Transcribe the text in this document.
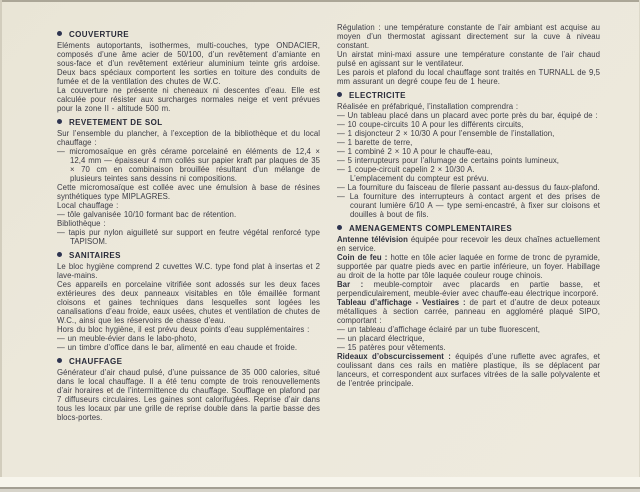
COUVERTURE

Eléments autoportants, isothermes, multi-couches, type ONDACIER, composés d’une âme acier de 50/100, d’un revêtement d’amiante en sous-face et d’un revêtement extérieur aluminium teinte gris ardoise. Deux bacs spéciaux comportent les sorties en toiture des conduits de fumée et de la ventilation des chutes de W.C.

La couverture ne présente ni cheneaux ni descentes d’eau. Elle est calculée pour résister aux surcharges normales neige et vent prévues pour la zone II - altitude 500 m.

REVETEMENT DE SOL

Sur l’ensemble du plancher, à l’exception de la bibliothèque et du local chauffage :

— micromosaïque en grès cérame porcelainé en éléments de 12,4 × 12,4 mm — épaisseur 4 mm collés sur papier kraft par plaques de 35 × 70 cm en combinaison brouillée résultant d’un mélange de plusieurs teintes sans dessins ni compositions.

Cette micromosaïque est collée avec une émulsion à base de résines synthétiques type MIPLAGRES.

Local chauffage :

— tôle galvanisée 10/10 formant bac de rétention.

Bibliothèque :

— tapis pur nylon aiguilleté sur support en feutre végétal renforcé type TAPISOM.

SANITAIRES

Le bloc hygiène comprend 2 cuvettes W.C. type fond plat à insertas et 2 lave-mains.

Ces appareils en porcelaine vitrifiée sont adossés sur les deux faces extérieures des deux panneaux visitables en tôle émaillée formant cloisons et gaines techniques dans lesquelles sont logées les canalisations d’eau froide, eaux usées, chutes et ventilation de chutes de W.C., ainsi que les réservoirs de chasse d’eau.

Hors du bloc hygiène, il est prévu deux points d’eau supplémentaires :

— un meuble-évier dans le labo-photo,

— un timbre d’office dans le bar, alimenté en eau chaude et froide.

CHAUFFAGE

Générateur d’air chaud pulsé, d’une puissance de 35 000 calories, situé dans le local chauffage. Il a été tenu compte de trois renouvellements d’air horaires et de l’intermittence du chauffage. Soufflage en plafond par 7 diffuseurs circulaires. Les gaines sont calorifugées. Reprise d’air dans tous les locaux par une grille de reprise double dans la partie basse des blocs-portes.

Régulation : une température constante de l’air ambiant est acquise au moyen d’un thermostat agissant directement sur la cuve à niveau constant.

Un airstat mini-maxi assure une température constante de l’air chaud pulsé en agissant sur le ventilateur.

Les parois et plafond du local chauffage sont traités en TURNALL de 9,5 mm assurant un degré coupe feu de 1 heure.

ELECTRICITE

Réalisée en préfabriqué, l’installation comprendra :

— Un tableau placé dans un placard avec porte près du bar, équipé de :

— 10 coupe-circuits 10 A pour les différents circuits,

— 1 disjoncteur 2 × 10/30 A pour l’ensemble de l’installation,

— 1 barette de terre,

— 1 combiné 2 × 10 A pour le chauffe-eau,

— 5 interrupteurs pour l’allumage de certains points lumineux,

— 1 coupe-circuit capelin 2 × 10/30 A.

L’emplacement du compteur est prévu.

— La fourniture du faisceau de filerie passant au-dessus du faux-plafond.

— La fourniture des interrupteurs à contact argent et des prises de courant lumière 6/10 A — type semi-encastré, à fixer sur cloisons et douilles à bout de fils.

AMENAGEMENTS COMPLEMENTAIRES

Antenne télévision équipée pour recevoir les deux chaînes actuellement en service.

Coin de feu : hotte en tôle acier laquée en forme de tronc de pyramide, supportée par quatre pieds avec en partie inférieure, un foyer. Habillage au droit de la hotte par tôle laquée couleur rouge chinois.

Bar : meuble-comptoir avec placards en partie basse, et perpendiculairement, meuble-évier avec chauffe-eau électrique incorporé.

Tableau d’affichage - Vestiaires : de part et d’autre de deux poteaux métalliques à section carrée, panneau en aggloméré plaqué SIPO, comportant :

— un tableau d’affichage éclairé par un tube fluorescent,

— un placard électrique,

— 15 patères pour vêtements.

Rideaux d’obscurcissement : équipés d’une ruflette avec agrafes, et coulissant dans ces rails en matière plastique, ils se déplacent par lanceurs, et correspondent aux surfaces vitrées de la salle polyvalente et de l’entrée principale.
